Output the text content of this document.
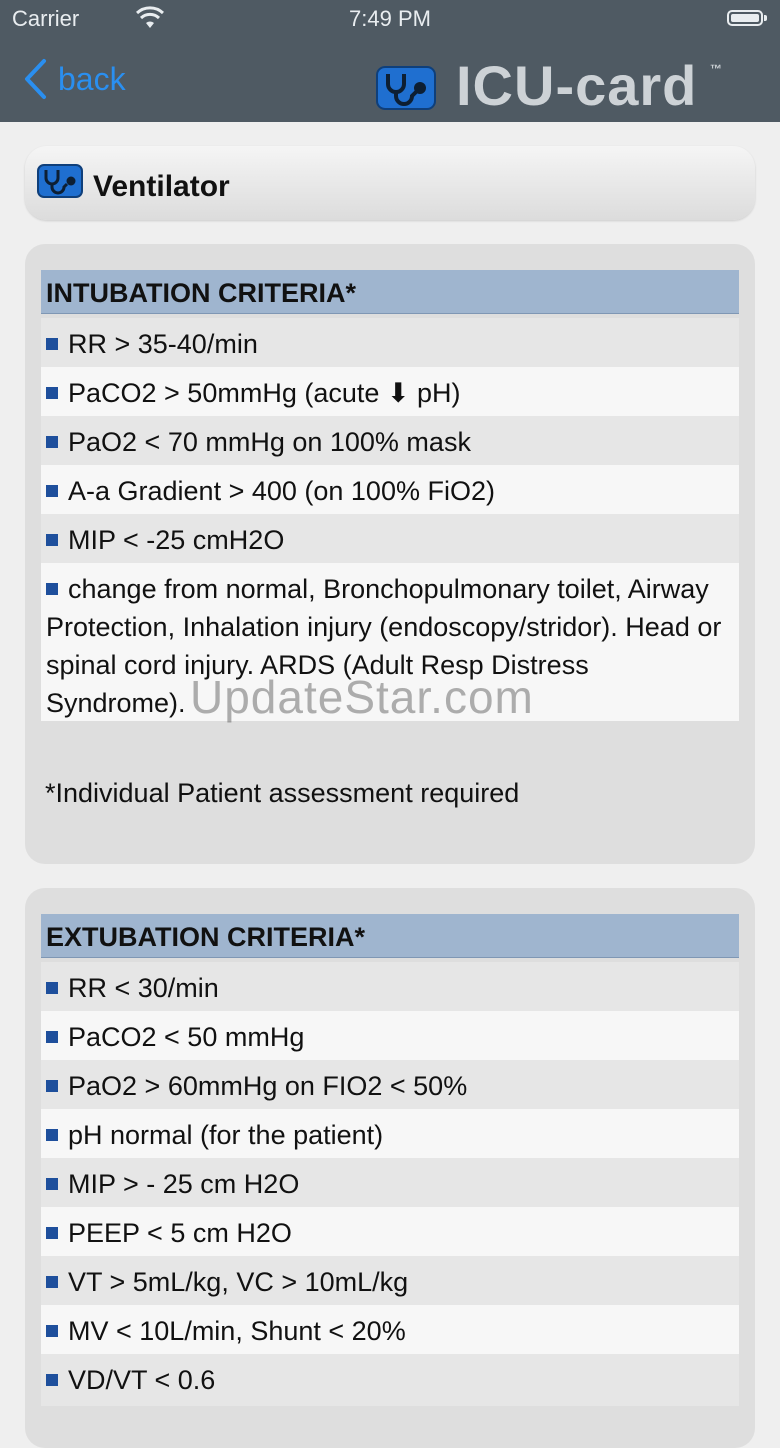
Carrier	7:49 PM
back	ICU-card ™
Ventilator
INTUBATION CRITERIA*
RR > 35-40/min
PaCO2 > 50mmHg (acute ⬇ pH)
PaO2 < 70 mmHg on 100% mask
A-a Gradient > 400 (on 100% FiO2)
MIP < -25 cmH2O
change from normal, Bronchopulmonary toilet, Airway Protection, Inhalation injury (endoscopy/stridor). Head or spinal cord injury. ARDS (Adult Resp Distress Syndrome).
*Individual Patient assessment required
EXTUBATION CRITERIA*
RR < 30/min
PaCO2 < 50 mmHg
PaO2 > 60mmHg on FIO2 < 50%
pH normal (for the patient)
MIP > - 25 cm H2O
PEEP < 5 cm H2O
VT > 5mL/kg, VC > 10mL/kg
MV < 10L/min, Shunt < 20%
VD/VT < 0.6
UpdateStar.com
